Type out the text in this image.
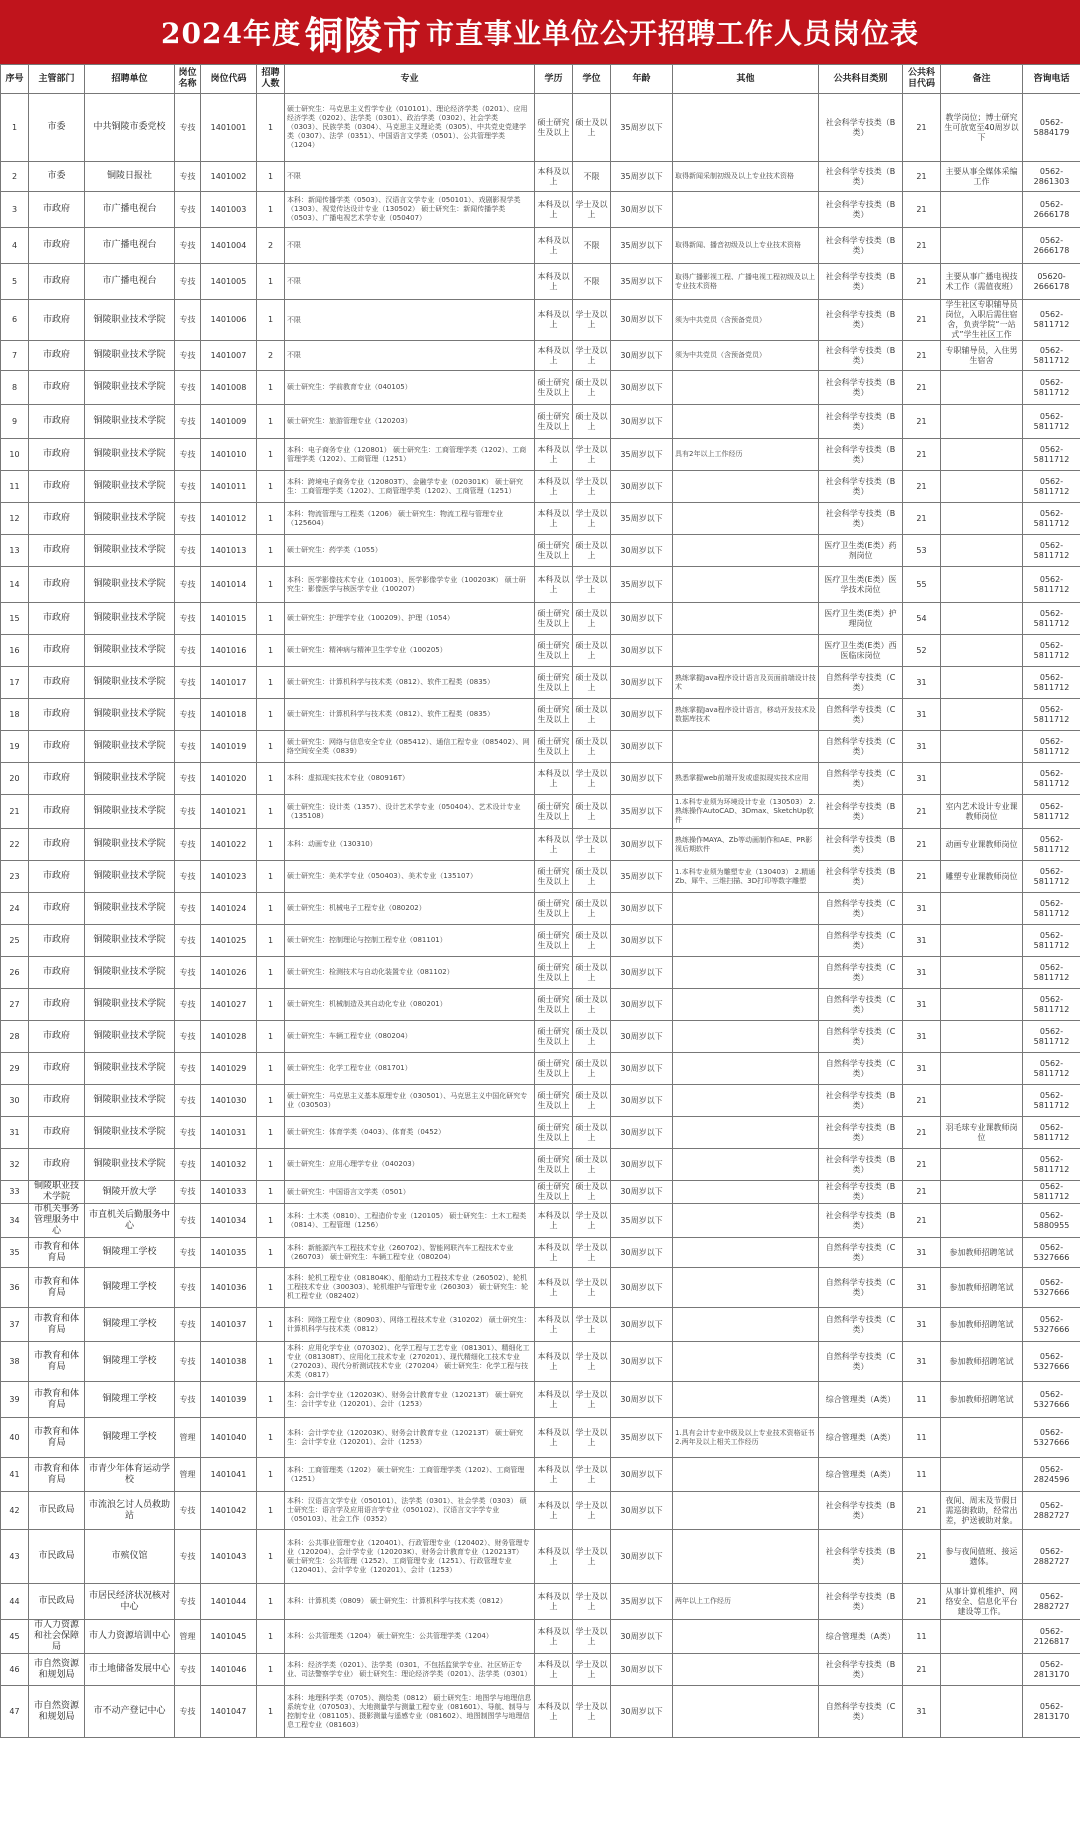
2024年度 铜陵市 市直事业单位公开招聘工作人员岗位表
序号	主管部门	招聘单位	岗位名称	岗位代码	招聘人数	专业	学历	学位	年龄	其他	公共科目类别	公共科目代码	备注	咨询电话
1	市委	中共铜陵市委党校	专技	1401001	1	硕士研究生：马克思主义哲学专业（010101）、理论经济学类（0201）、应用经济学类（0202）、法学类（0301）、政治学类（0302）、社会学类（0303）、民族学类（0304）、马克思主义理论类（0305）、中共党史党建学类（0307）、法学（0351）、中国语言文学类（0501）、公共管理学类（1204）	硕士研究生及以上	硕士及以上	35周岁以下		社会科学专技类（B类）	21	教学岗位；博士研究生可放宽至40周岁以下	0562-5884179
2	市委	铜陵日报社	专技	1401002	1	不限	本科及以上	不限	35周岁以下	取得新闻采制初级及以上专业技术资格	社会科学专技类（B类）	21	主要从事全媒体采编工作	0562-2861303
3	市政府	市广播电视台	专技	1401003	1	本科：新闻传播学类（0503）、汉语言文学专业（050101）、戏剧影视学类（1303）、视觉传达设计专业（130502） 硕士研究生：新闻传播学类（0503）、广播电视艺术学专业（050407）	本科及以上	学士及以上	30周岁以下		社会科学专技类（B类）	21		0562-2666178
4	市政府	市广播电视台	专技	1401004	2	不限	本科及以上	不限	35周岁以下	取得新闻、播音初级及以上专业技术资格	社会科学专技类（B类）	21		0562-2666178
5	市政府	市广播电视台	专技	1401005	1	不限	本科及以上	不限	35周岁以下	取得广播影视工程、广播电视工程初级及以上专业技术资格	社会科学专技类（B类）	21	主要从事广播电视技术工作（需值夜班）	05620-2666178
6	市政府	铜陵职业技术学院	专技	1401006	1	不限	本科及以上	学士及以上	30周岁以下	须为中共党员（含预备党员）	社会科学专技类（B类）	21	学生社区专职辅导员岗位，入职后需住宿舍，负责学院“一站式”学生社区工作	0562-5811712
7	市政府	铜陵职业技术学院	专技	1401007	2	不限	本科及以上	学士及以上	30周岁以下	须为中共党员（含预备党员）	社会科学专技类（B类）	21	专职辅导员，入住男生宿舍	0562-5811712
8	市政府	铜陵职业技术学院	专技	1401008	1	硕士研究生：学前教育专业（040105）	硕士研究生及以上	硕士及以上	30周岁以下		社会科学专技类（B类）	21		0562-5811712
9	市政府	铜陵职业技术学院	专技	1401009	1	硕士研究生：旅游管理专业（120203）	硕士研究生及以上	硕士及以上	30周岁以下		社会科学专技类（B类）	21		0562-5811712
10	市政府	铜陵职业技术学院	专技	1401010	1	本科：电子商务专业（120801） 硕士研究生：工商管理学类（1202）、工商管理学类（1202）、工商管理（1251）	本科及以上	学士及以上	35周岁以下	具有2年以上工作经历	社会科学专技类（B类）	21		0562-5811712
11	市政府	铜陵职业技术学院	专技	1401011	1	本科：跨境电子商务专业（120803T）、金融学专业（020301K） 硕士研究生：工商管理学类（1202）、工商管理学类（1202）、工商管理（1251）	本科及以上	学士及以上	30周岁以下		社会科学专技类（B类）	21		0562-5811712
12	市政府	铜陵职业技术学院	专技	1401012	1	本科：物流管理与工程类（1206） 硕士研究生：物流工程与管理专业（125604）	本科及以上	学士及以上	35周岁以下		社会科学专技类（B类）	21		0562-5811712
13	市政府	铜陵职业技术学院	专技	1401013	1	硕士研究生：药学类（1055）	硕士研究生及以上	硕士及以上	30周岁以下		医疗卫生类(E类）药剂岗位	53		0562-5811712
14	市政府	铜陵职业技术学院	专技	1401014	1	本科：医学影像技术专业（101003）、医学影像学专业（100203K） 硕士研究生：影像医学与核医学专业（100207）	本科及以上	学士及以上	35周岁以下		医疗卫生类(E类）医学技术岗位	55		0562-5811712
15	市政府	铜陵职业技术学院	专技	1401015	1	硕士研究生：护理学专业（100209）、护理（1054）	硕士研究生及以上	硕士及以上	30周岁以下		医疗卫生类(E类）护理岗位	54		0562-5811712
16	市政府	铜陵职业技术学院	专技	1401016	1	硕士研究生：精神病与精神卫生学专业（100205）	硕士研究生及以上	硕士及以上	30周岁以下		医疗卫生类(E类）西医临床岗位	52		0562-5811712
17	市政府	铜陵职业技术学院	专技	1401017	1	硕士研究生：计算机科学与技术类（0812）、软件工程类（0835）	硕士研究生及以上	硕士及以上	30周岁以下	熟练掌握Java程序设计语言及页面前端设计技术	自然科学专技类（C类）	31		0562-5811712
18	市政府	铜陵职业技术学院	专技	1401018	1	硕士研究生：计算机科学与技术类（0812）、软件工程类（0835）	硕士研究生及以上	硕士及以上	30周岁以下	熟练掌握Java程序设计语言，移动开发技术及数据库技术	自然科学专技类（C类）	31		0562-5811712
19	市政府	铜陵职业技术学院	专技	1401019	1	硕士研究生：网络与信息安全专业（085412）、通信工程专业（085402）、网络空间安全类（0839）	硕士研究生及以上	硕士及以上	30周岁以下		自然科学专技类（C类）	31		0562-5811712
20	市政府	铜陵职业技术学院	专技	1401020	1	本科：虚拟现实技术专业（080916T）	本科及以上	学士及以上	30周岁以下	熟悉掌握web前端开发或虚拟现实技术应用	自然科学专技类（C类）	31		0562-5811712
21	市政府	铜陵职业技术学院	专技	1401021	1	硕士研究生：设计类（1357）、设计艺术学专业（050404）、艺术设计专业（135108）	硕士研究生及以上	硕士及以上	35周岁以下	1.本科专业须为环境设计专业（130503） 2.熟练操作AutoCAD、3Dmax、SketchUp软件	社会科学专技类（B类）	21	室内艺术设计专业课教师岗位	0562-5811712
22	市政府	铜陵职业技术学院	专技	1401022	1	本科：动画专业（130310）	本科及以上	学士及以上	30周岁以下	熟练操作MAYA、Zb等动画制作和AE、PR影视后期软件	社会科学专技类（B类）	21	动画专业课教师岗位	0562-5811712
23	市政府	铜陵职业技术学院	专技	1401023	1	硕士研究生：美术学专业（050403）、美术专业（135107）	硕士研究生及以上	硕士及以上	35周岁以下	1.本科专业须为雕塑专业（130403） 2.精通Zb、犀牛、三维扫描、3D打印等数字雕塑	社会科学专技类（B类）	21	雕塑专业课教师岗位	0562-5811712
24	市政府	铜陵职业技术学院	专技	1401024	1	硕士研究生：机械电子工程专业（080202）	硕士研究生及以上	硕士及以上	30周岁以下		自然科学专技类（C类）	31		0562-5811712
25	市政府	铜陵职业技术学院	专技	1401025	1	硕士研究生：控制理论与控制工程专业（081101）	硕士研究生及以上	硕士及以上	30周岁以下		自然科学专技类（C类）	31		0562-5811712
26	市政府	铜陵职业技术学院	专技	1401026	1	硕士研究生：检测技术与自动化装置专业（081102）	硕士研究生及以上	硕士及以上	30周岁以下		自然科学专技类（C类）	31		0562-5811712
27	市政府	铜陵职业技术学院	专技	1401027	1	硕士研究生：机械制造及其自动化专业（080201）	硕士研究生及以上	硕士及以上	30周岁以下		自然科学专技类（C类）	31		0562-5811712
28	市政府	铜陵职业技术学院	专技	1401028	1	硕士研究生：车辆工程专业（080204）	硕士研究生及以上	硕士及以上	30周岁以下		自然科学专技类（C类）	31		0562-5811712
29	市政府	铜陵职业技术学院	专技	1401029	1	硕士研究生：化学工程专业（081701）	硕士研究生及以上	硕士及以上	30周岁以下		自然科学专技类（C类）	31		0562-5811712
30	市政府	铜陵职业技术学院	专技	1401030	1	硕士研究生：马克思主义基本原理专业（030501）、马克思主义中国化研究专业（030503）	硕士研究生及以上	硕士及以上	30周岁以下		社会科学专技类（B类）	21		0562-5811712
31	市政府	铜陵职业技术学院	专技	1401031	1	硕士研究生：体育学类（0403）、体育类（0452）	硕士研究生及以上	硕士及以上	30周岁以下		社会科学专技类（B类）	21	羽毛球专业课教师岗位	0562-5811712
32	市政府	铜陵职业技术学院	专技	1401032	1	硕士研究生：应用心理学专业（040203）	硕士研究生及以上	硕士及以上	30周岁以下		社会科学专技类（B类）	21		0562-5811712
33	铜陵职业技术学院	铜陵开放大学	专技	1401033	1	硕士研究生：中国语言文学类（0501）	硕士研究生及以上	硕士及以上	30周岁以下		社会科学专技类（B类）	21		0562-5811712
34	市机关事务管理服务中心	市直机关后勤服务中心	专技	1401034	1	本科：土木类（0810）、工程造价专业（120105） 硕士研究生：土木工程类（0814）、工程管理（1256）	本科及以上	学士及以上	35周岁以下		社会科学专技类（B类）	21		0562-5880955
35	市教育和体育局	铜陵理工学校	专技	1401035	1	本科：新能源汽车工程技术专业（260702）、智能网联汽车工程技术专业（260703） 硕士研究生：车辆工程专业（080204）	本科及以上	学士及以上	30周岁以下		自然科学专技类（C类）	31	参加教师招聘笔试	0562-5327666
36	市教育和体育局	铜陵理工学校	专技	1401036	1	本科：轮机工程专业（081804K）、船舶动力工程技术专业（260502）、轮机工程技术专业（300303）、轮机维护与管理专业（260303） 硕士研究生：轮机工程专业（082402）	本科及以上	学士及以上	30周岁以下		自然科学专技类（C类）	31	参加教师招聘笔试	0562-5327666
37	市教育和体育局	铜陵理工学校	专技	1401037	1	本科：网络工程专业（80903）、网络工程技术专业（310202） 硕士研究生：计算机科学与技术类（0812）	本科及以上	学士及以上	30周岁以下		自然科学专技类（C类）	31	参加教师招聘笔试	0562-5327666
38	市教育和体育局	铜陵理工学校	专技	1401038	1	本科：应用化学专业（070302）、化学工程与工艺专业（081301）、精细化工专业（081308T）、应用化工技术专业（270201）、现代精细化工技术专业（270203）、现代分析测试技术专业（270204） 硕士研究生：化学工程与技术类（0817）	本科及以上	学士及以上	30周岁以下		自然科学专技类（C类）	31	参加教师招聘笔试	0562-5327666
39	市教育和体育局	铜陵理工学校	专技	1401039	1	本科：会计学专业（120203K）、财务会计教育专业（120213T） 硕士研究生：会计学专业（120201）、会计（1253）	本科及以上	学士及以上	30周岁以下		综合管理类（A类）	11	参加教师招聘笔试	0562-5327666
40	市教育和体育局	铜陵理工学校	管理	1401040	1	本科：会计学专业（120203K）、财务会计教育专业（120213T） 硕士研究生：会计学专业（120201）、会计（1253）	本科及以上	学士及以上	35周岁以下	1.具有会计专业中级及以上专业技术资格证书 2.两年及以上相关工作经历	综合管理类（A类）	11		0562-5327666
41	市教育和体育局	市青少年体育运动学校	管理	1401041	1	本科：工商管理类（1202） 硕士研究生：工商管理学类（1202）、工商管理（1251）	本科及以上	学士及以上	30周岁以下		综合管理类（A类）	11		0562-2824596
42	市民政局	市流浪乞讨人员救助站	专技	1401042	1	本科：汉语言文学专业（050101）、法学类（0301）、社会学类（0303） 硕士研究生：语言学及应用语言学专业（050102）、汉语言文字学专业（050103）、社会工作（0352）	本科及以上	学士及以上	30周岁以下		社会科学专技类（B类）	21	夜间、周末及节假日需巡街救助，经常出差，护送被助对象。	0562-2882727
43	市民政局	市殡仪馆	专技	1401043	1	本科：公共事业管理专业（120401）、行政管理专业（120402）、财务管理专业（120204）、会计学专业（120203K）、财务会计教育专业（120213T） 硕士研究生：公共管理（1252）、工商管理专业（1251）、行政管理专业（120401）、会计学专业（120201）、会计（1253）	本科及以上	学士及以上	30周岁以下		社会科学专技类（B类）	21	参与夜间值班、接运遗体。	0562-2882727
44	市民政局	市居民经济状况核对中心	专技	1401044	1	本科：计算机类（0809） 硕士研究生：计算机科学与技术类（0812）	本科及以上	学士及以上	35周岁以下	两年以上工作经历	社会科学专技类（B类）	21	从事计算机维护、网络安全、信息化平台建设等工作。	0562-2882727
45	市人力资源和社会保障局	市人力资源培训中心	管理	1401045	1	本科：公共管理类（1204） 硕士研究生：公共管理学类（1204）	本科及以上	学士及以上	30周岁以下		综合管理类（A类）	11		0562-2126817
46	市自然资源和规划局	市土地储备发展中心	专技	1401046	1	本科：经济学类（0201）、法学类（0301，不包括监狱学专业、社区矫正专业、司法警察学专业） 硕士研究生：理论经济学类（0201）、法学类（0301）	本科及以上	学士及以上	30周岁以下		社会科学专技类（B类）	21		0562-2813170
47	市自然资源和规划局	市不动产登记中心	专技	1401047	1	本科：地理科学类（0705）、测绘类（0812） 硕士研究生：地图学与地理信息系统专业（070503）、大地测量学与测量工程专业（081601）、导航、制导与控制专业（081105）、摄影测量与遥感专业（081602）、地图制图学与地理信息工程专业（081603）	本科及以上	学士及以上	30周岁以下		自然科学专技类（C类）	31		0562-2813170
